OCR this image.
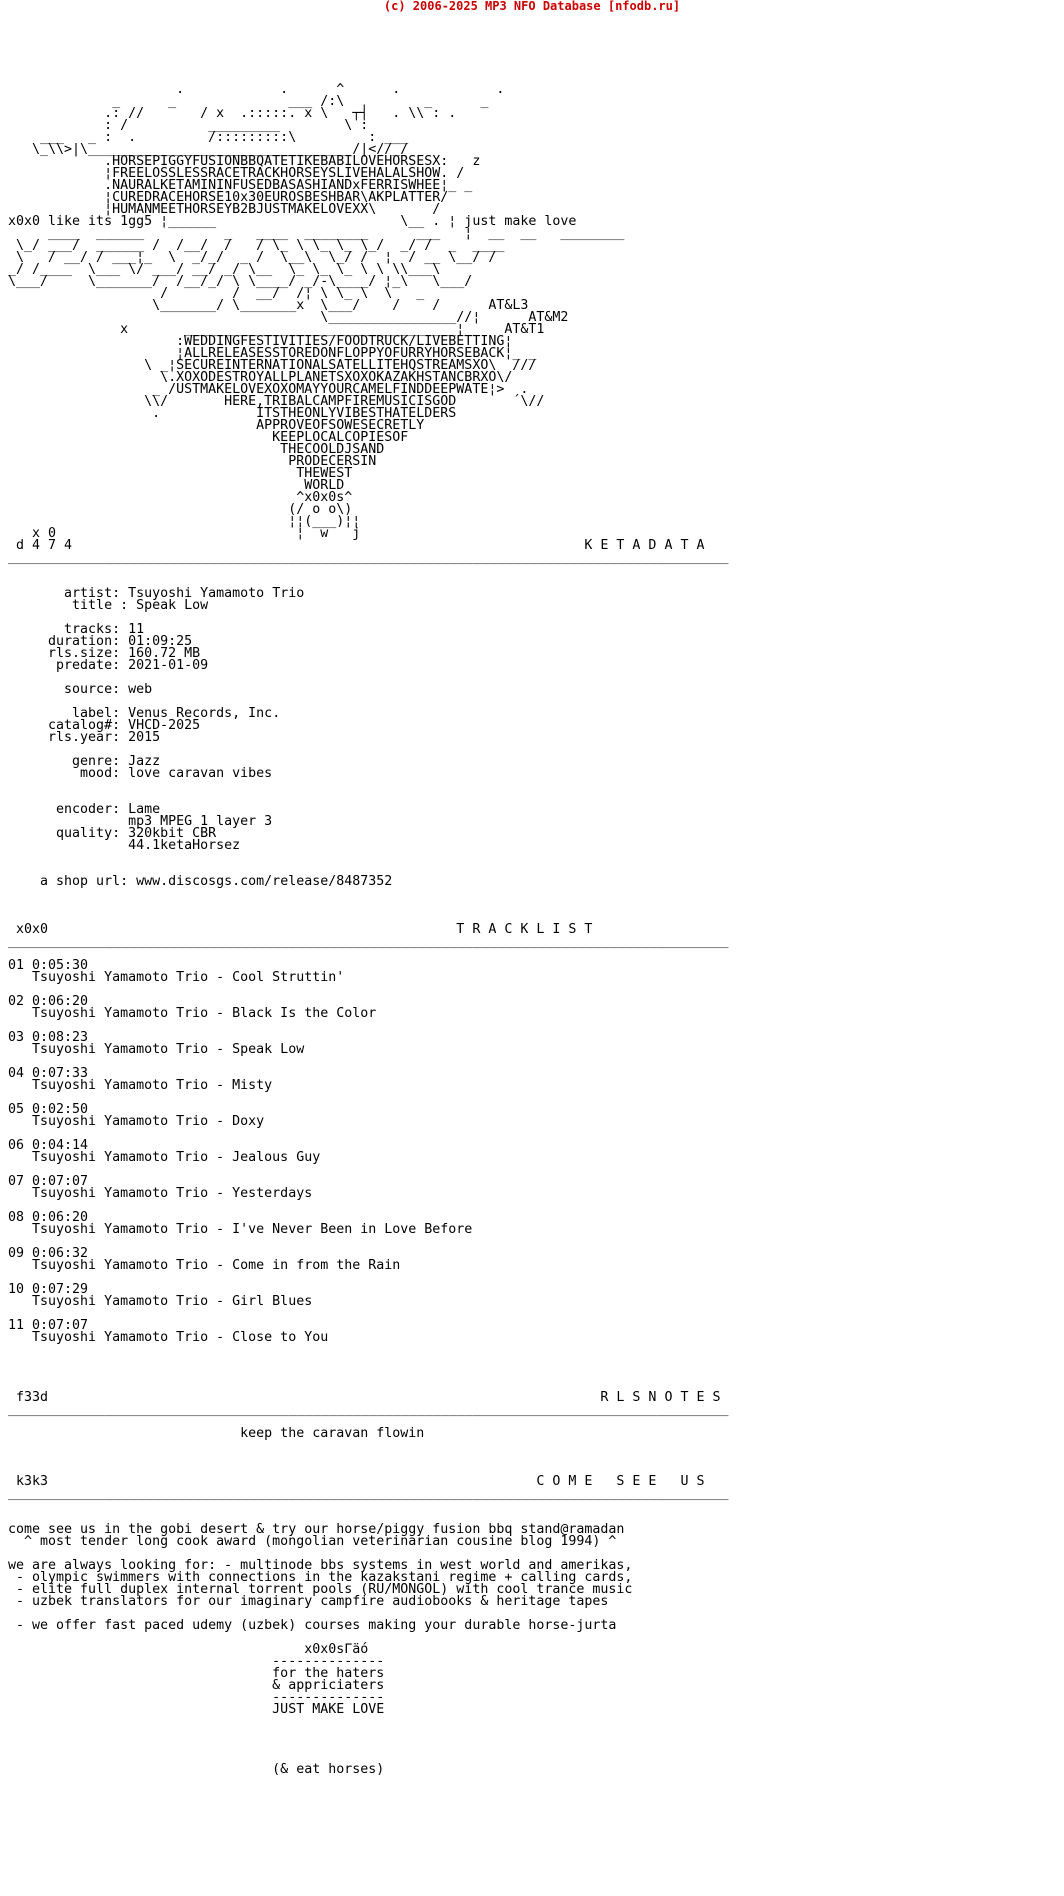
(c) 2006-2025 MP3 NFO Database [nfodb.ru]

.            .      ^      .            .
_      _              ___ /:\          _      _
.: //       / x  .:::::. x \   ┬┤   . \\ : .
: /          _________        \ :
___   _ :  .         /:::::::::\         : ___
\_\\>|\_________________________________/|<//_/
.HORSEPIGGYFUSIONBBQATETIKEBABILOVEHORSESX:   z
¦FREELOSSLESSRACETRACKHORSEYSLIVEHALALSHOW. /
.NAURALKETAMININFUSEDBASASHIANDxFERRISWHEE¦_ _
¦CUREDRACEHORSE10x30EUROSBESHBAR\AKPLATTER/
¦HUMANMEETHORSEYB2BJUSTMAKELOVEXX\       /
x0x0 like its 1gg5 ¦______                       \__ . ¦ just make love
____  ______          _   ____  ________      ___   ¦  __  __   ________
\_/ ___/  ______ /  /__/  /   / \_ \ \_ \_ \_/  _/ /  _  ____
\   / __/ / ___¦_  \  _/_/  _ /  \__\  \_/ /  ¦  / __ \__/ /
_/ /____  \___ \/ ___/ __/ _/ \__  \_ \_ \_ \ \ \\___\
\___/     \_______/  /__/_/ \ \____/ _/-\____/ ¦_\   \___/
/        /  __/  /¦ \ \_ \  \   _
\_______/ \_______x  \___/    /    /      AT&L3
\________________//¦      AT&M2
x       __________________________________¦     AT&T1
:WEDDINGFESTIVITIES/FOODTRUCK/LIVEBETTING¦
¦ALLRELEASESSTOREDONFLOPPYOFURRYHORSEBACK¦_ _
\ _¦SECUREINTERNATIONALSATELLITEHQSTREAMSXO\  ///
\.XOXODESTROYALLPLANETSXOXOKAZAKHSTANCBRXO\/
_ /USTMAKELOVEXOXOMAYYOURCAMELFINDDEEPWATE¦>  .
\\/       HERE,TRIBALCAMPFIREMUSICISGOD       ´\//
.            ITSTHEONLYVIBESTHATELDERS
APPROVEOFSOWESECRETLY
KEEPLOCALCOPIESOF
THECOOLDJSAND
PRODECERSIN
THEWEST
WORLD
^x0x0s^
(/ o o\)
¦¦(___)¦¦
x 0                              ¦  w   j
d 4 7 4                                                                K E T A D A T A
__________________________________________________________________________________________

artist: Tsuyoshi Yamamoto Trio
title : Speak Low

tracks: 11
duration: 01:09:25
rls.size: 160.72 MB
predate: 2021-01-09

source: web

label: Venus Records, Inc.
catalog#: VHCD-2025
rls.year: 2015

genre: Jazz
mood: love caravan vibes

encoder: Lame
mp3 MPEG 1 layer 3
quality: 320kbit CBR
44.1ketaHorsez

a shop url: www.discosgs.com/release/8487352

x0x0                                                   T R A C K L I S T
__________________________________________________________________________________________

01 0:05:30
Tsuyoshi Yamamoto Trio - Cool Struttin'

02 0:06:20
Tsuyoshi Yamamoto Trio - Black Is the Color

03 0:08:23
Tsuyoshi Yamamoto Trio - Speak Low

04 0:07:33
Tsuyoshi Yamamoto Trio - Misty

05 0:02:50
Tsuyoshi Yamamoto Trio - Doxy

06 0:04:14
Tsuyoshi Yamamoto Trio - Jealous Guy

07 0:07:07
Tsuyoshi Yamamoto Trio - Yesterdays

08 0:06:20
Tsuyoshi Yamamoto Trio - I've Never Been in Love Before

09 0:06:32
Tsuyoshi Yamamoto Trio - Come in from the Rain

10 0:07:29
Tsuyoshi Yamamoto Trio - Girl Blues

11 0:07:07
Tsuyoshi Yamamoto Trio - Close to You

f33d                                                                     R L S N O T E S
__________________________________________________________________________________________

keep the caravan flowin

k3k3                                                             C O M E   S E E   U S
__________________________________________________________________________________________

come see us in the gobi desert & try our horse/piggy fusion bbq stand@ramadan
^ most tender long cook award (mongolian veterinarian cousine blog 1994) ^

we are always looking for: - multinode bbs systems in west world and amerikas,
- olympic swimmers with connections in the kazakstani regime + calling cards,
- elite full duplex internal torrent pools (RU/MONGOL) with cool trance music
- uzbek translators for our imaginary campfire audiobooks & heritage tapes

- we offer fast paced udemy (uzbek) courses making your durable horse-jurta

x0x0sΓäó
--------------
for the haters
& appriciaters
--------------
JUST MAKE LOVE

(& eat horses)
